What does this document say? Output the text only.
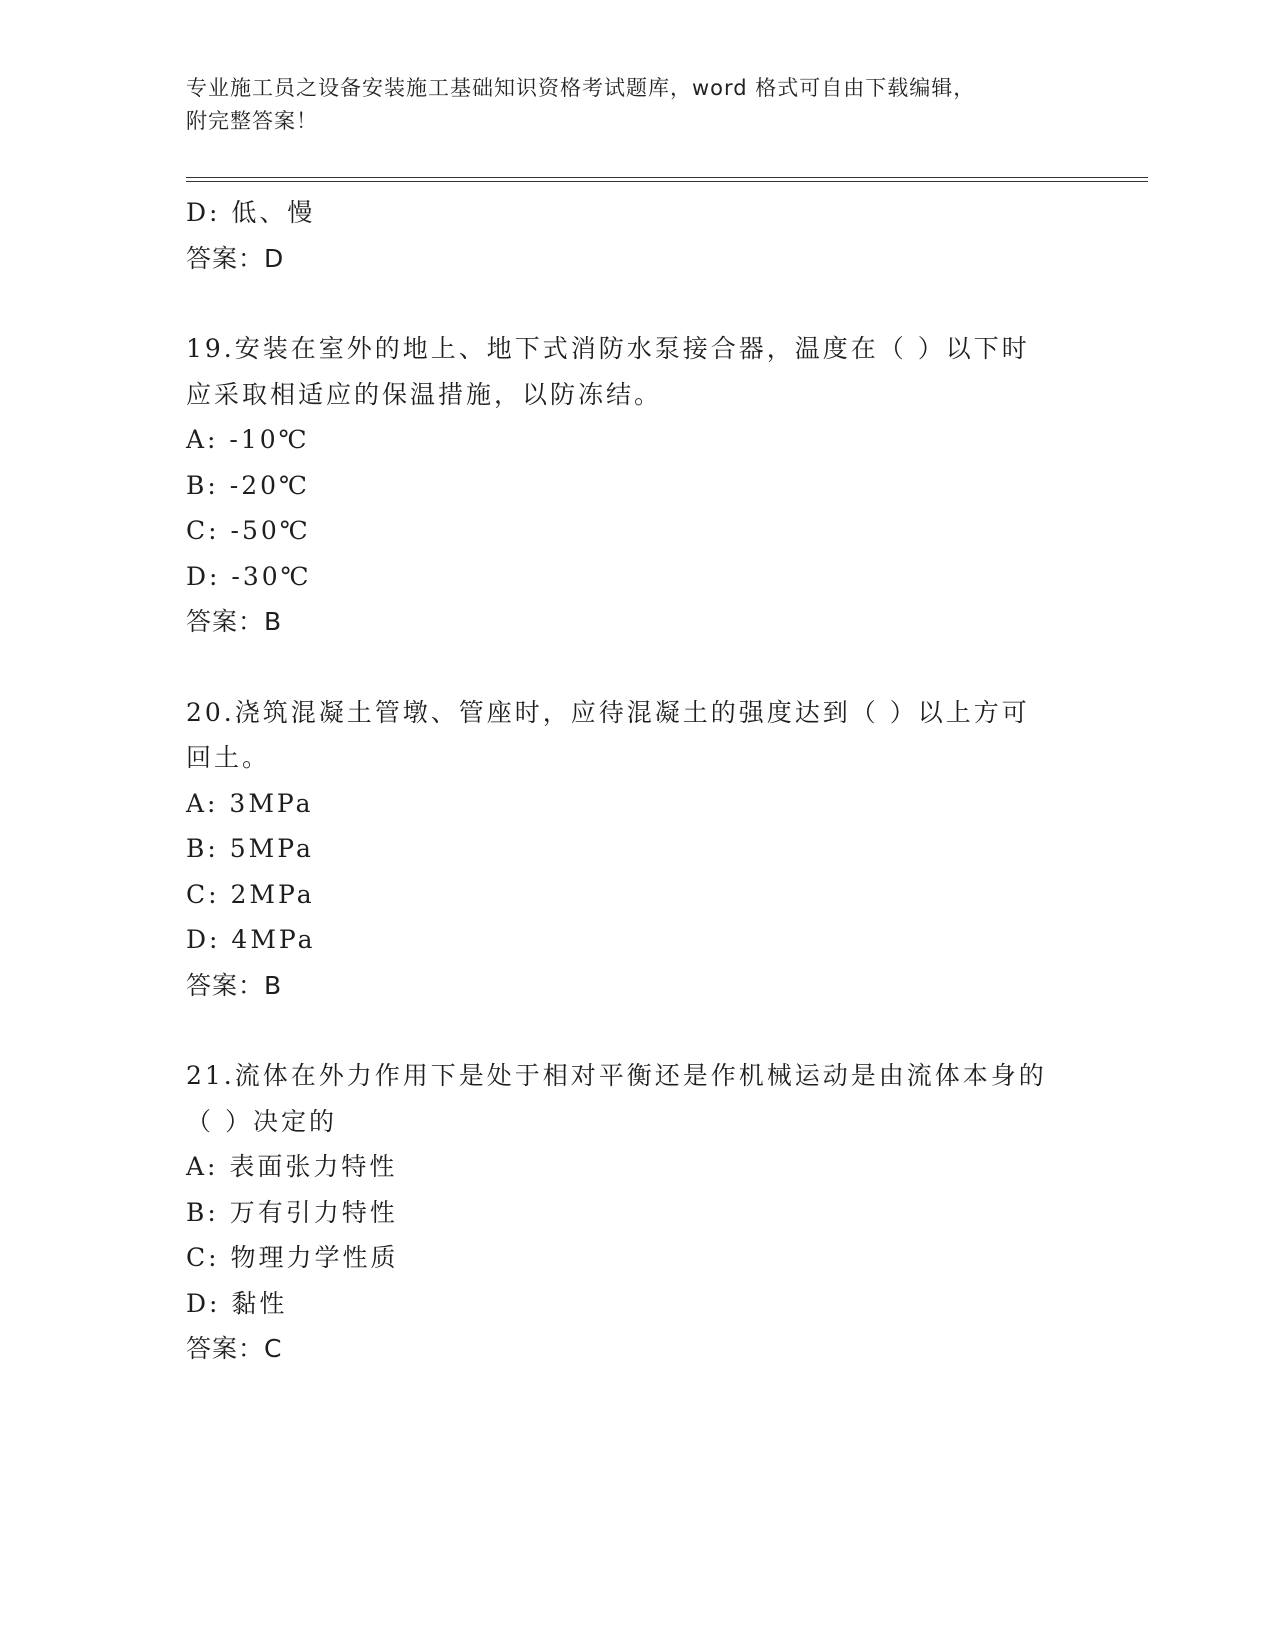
专业施工员之设备安装施工基础知识资格考试题库，word 格式可自由下载编辑，
附完整答案！
D: 低、慢
答案：D
19.安装在室外的地上、地下式消防水泵接合器，温度在（ ）以下时
应采取相适应的保温措施，以防冻结。
A: -10℃
B: -20℃
C: -50℃
D: -30℃
答案：B
20.浇筑混凝土管墩、管座时，应待混凝土的强度达到（ ）以上方可
回土。
A: 3MPa
B: 5MPa
C: 2MPa
D: 4MPa
答案：B
21.流体在外力作用下是处于相对平衡还是作机械运动是由流体本身的
（ ）决定的
A: 表面张力特性
B: 万有引力特性
C: 物理力学性质
D: 黏性
答案：C
